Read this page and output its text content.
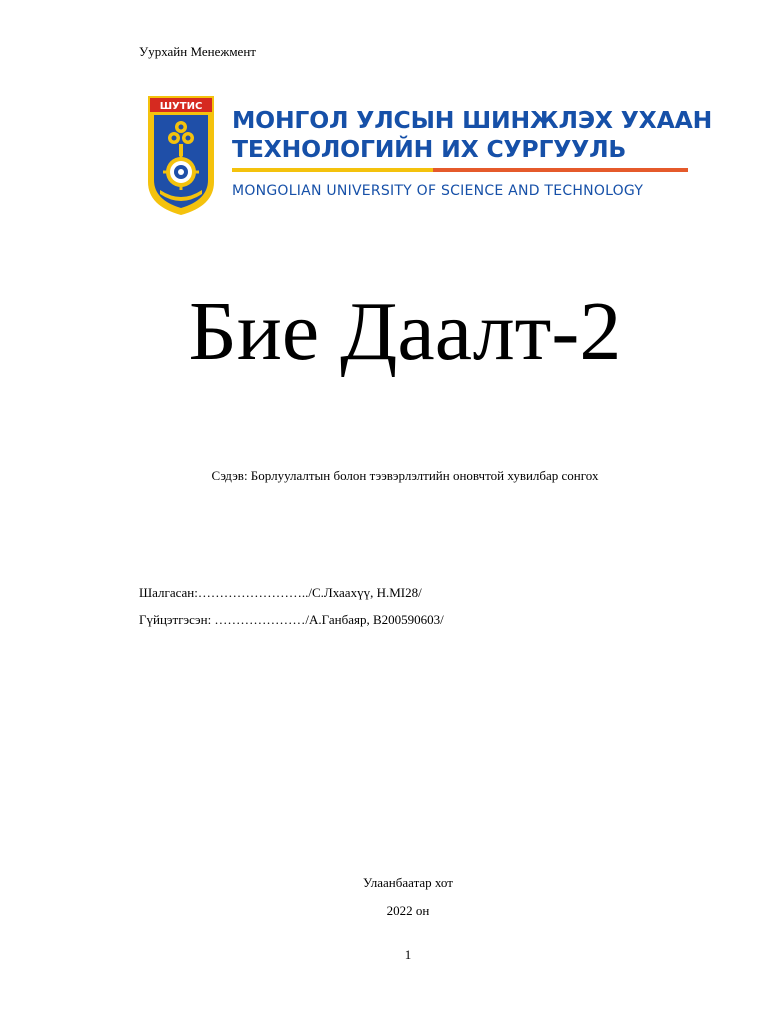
Уурхайн Менежмент
ШУТИС МОНГОЛ УЛСЫН ШИНЖЛЭХ УХААН
ТЕХНОЛОГИЙН ИХ СУРГУУЛЬ
MONGOLIAN UNIVERSITY OF SCIENCE AND TECHNOLOGY
Бие Даалт-2
Сэдэв: Борлуулалтын болон тээвэрлэлтийн оновчтой хувилбар сонгох
Шалгасан:……………………../С.Лхаахүү, Н.МI28/
Гүйцэтгэсэн: …………………/А.Ганбаяр, B200590603/
Улаанбаатар хот
2022 он
1
